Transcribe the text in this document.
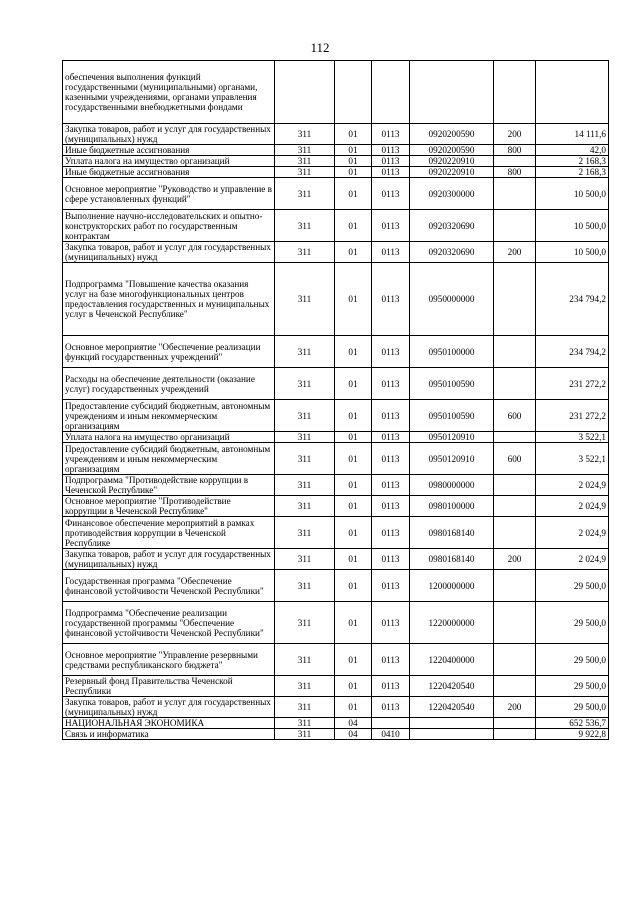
112
обеспечения выполнения функций государственными (муниципальными) органами, казенными учреждениями, органами управления государственными внебюджетными фондами						
Закупка товаров, работ и услуг для государственных (муниципальных) нужд	311	01	0113	0920200590	200	14 111,6
Иные бюджетные ассигнования	311	01	0113	0920200590	800	42,0
Уплата налога на имущество организаций	311	01	0113	0920220910		2 168,3
Иные бюджетные ассигнования	311	01	0113	0920220910	800	2 168,3
Основное мероприятие "Руководство и управление в сфере установленных функций"	311	01	0113	0920300000		10 500,0
Выполнение научно-исследовательских и опытно-конструкторских работ по государственным контрактам	311	01	0113	0920320690		10 500,0
Закупка товаров, работ и услуг для государственных (муниципальных) нужд	311	01	0113	0920320690	200	10 500,0
Подпрограмма "Повышение качества оказания услуг на базе многофункциональных центров предоставления государственных и муниципальных услуг в Чеченской Республике"	311	01	0113	0950000000		234 794,2
Основное мероприятие "Обеспечение реализации функций государственных учреждений"	311	01	0113	0950100000		234 794,2
Расходы на обеспечение деятельности (оказание услуг) государственных учреждений	311	01	0113	0950100590		231 272,2
Предоставление субсидий бюджетным, автономным учреждениям и иным некоммерческим организациям	311	01	0113	0950100590	600	231 272,2
Уплата налога на имущество организаций	311	01	0113	0950120910		3 522,1
Предоставление субсидий бюджетным, автономным учреждениям и иным некоммерческим организациям	311	01	0113	0950120910	600	3 522,1
Подпрограмма "Противодействие коррупции в Чеченской Республике"	311	01	0113	0980000000		2 024,9
Основное мероприятие "Противодействие коррупции в Чеченской Республике"	311	01	0113	0980100000		2 024,9
Финансовое обеспечение мероприятий в рамках противодействия коррупции в Чеченской Республике	311	01	0113	0980168140		2 024,9
Закупка товаров, работ и услуг для государственных (муниципальных) нужд	311	01	0113	0980168140	200	2 024,9
Государственная программа "Обеспечение финансовой устойчивости Чеченской Республики"	311	01	0113	1200000000		29 500,0
Подпрограмма "Обеспечение реализации государственной программы "Обеспечение финансовой устойчивости Чеченской Республики"	311	01	0113	1220000000		29 500,0
Основное мероприятие "Управление резервными средствами республиканского бюджета"	311	01	0113	1220400000		29 500,0
Резервный фонд Правительства Чеченской Республики	311	01	0113	1220420540		29 500,0
Закупка товаров, работ и услуг для государственных (муниципальных) нужд	311	01	0113	1220420540	200	29 500,0
НАЦИОНАЛЬНАЯ ЭКОНОМИКА	311	04				652 536,7
Связь и информатика	311	04	0410			9 922,8
